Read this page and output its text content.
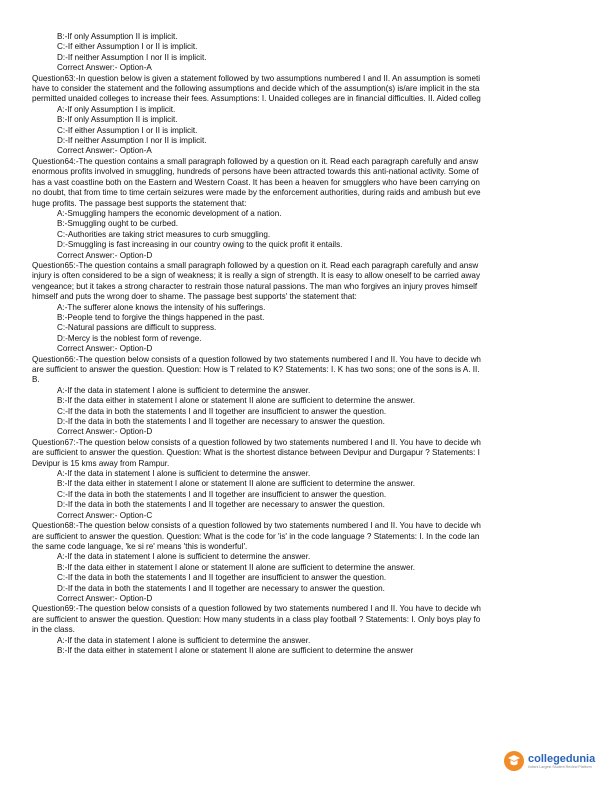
B:-If only Assumption II is implicit.
C:-If either Assumption I or II is implicit.
D:-If neither Assumption I nor II is implicit.
Correct Answer:- Option-A
Question63:-In question below is given a statement followed by two assumptions numbered I and II. An assumption is someti
have to consider the statement and the following assumptions and decide which of the assumption(s) is/are implicit in the sta
permitted unaided colleges to increase their fees. Assumptions: I. Unaided colleges are in financial difficulties. II. Aided colleg
A:-If only Assumption I is implicit.
B:-If only Assumption II is implicit.
C:-If either Assumption I or II is implicit.
D:-If neither Assumption I nor II is implicit.
Correct Answer:- Option-A
Question64:-The question contains a small paragraph followed by a question on it. Read each paragraph carefully and answ
enormous profits involved in smuggling, hundreds of persons have been attracted towards this anti-national activity. Some of
has a vast coastline both on the Eastern and Western Coast. It has been a heaven for smugglers who have been carrying on
no doubt, that from time to time certain seizures were made by the enforcement authorities, during raids and ambush but eve
huge profits. The passage best supports the statement that:
A:-Smuggling hampers the economic development of a nation.
B:-Smuggling ought to be curbed.
C:-Authorities are taking strict measures to curb smuggling.
D:-Smuggling is fast increasing in our country owing to the quick profit it entails.
Correct Answer:- Option-D
Question65:-The question contains a small paragraph followed by a question on it. Read each paragraph carefully and answ
injury is often considered to be a sign of weakness; it is really a sign of strength. It is easy to allow oneself to be carried away
vengeance; but it takes a strong character to restrain those natural passions. The man who forgives an injury proves himself
himself and puts the wrong doer to shame. The passage best supports' the statement that:
A:-The sufferer alone knows the intensity of his sufferings.
B:-People tend to forgive the things happened in the past.
C:-Natural passions are difficult to suppress.
D:-Mercy is the noblest form of revenge.
Correct Answer:- Option-D
Question66:-The question below consists of a question followed by two statements numbered I and II. You have to decide wh
are sufficient to answer the question. Question: How is T related to K? Statements: I. K has two sons; one of the sons is A. II.
B.
A:-If the data in statement I alone is sufficient to determine the answer.
B:-If the data either in statement I alone or statement II alone are sufficient to determine the answer.
C:-If the data in both the statements I and II together are insufficient to answer the question.
D:-If the data in both the statements I and II together are necessary to answer the question.
Correct Answer:- Option-D
Question67:-The question below consists of a question followed by two statements numbered I and II. You have to decide wh
are sufficient to answer the question. Question: What is the shortest distance between Devipur and Durgapur ? Statements: I
Devipur is 15 kms away from Rampur.
A:-If the data in statement I alone is sufficient to determine the answer.
B:-If the data either in statement I alone or statement II alone are sufficient to determine the answer.
C:-If the data in both the statements I and II together are insufficient to answer the question.
D:-If the data in both the statements I and II together are necessary to answer the question.
Correct Answer:- Option-C
Question68:-The question below consists of a question followed by two statements numbered I and II. You have to decide wh
are sufficient to answer the question. Question: What is the code for 'is' in the code language ? Statements: I. In the code lan
the same code language, 'ke si re' means 'this is wonderful'.
A:-If the data in statement I alone is sufficient to determine the answer.
B:-If the data either in statement I alone or statement II alone are sufficient to determine the answer.
C:-If the data in both the statements I and II together are insufficient to answer the question.
D:-If the data in both the statements I and II together are necessary to answer the question.
Correct Answer:- Option-D
Question69:-The question below consists of a question followed by two statements numbered I and II. You have to decide wh
are sufficient to answer the question. Question: How many students in a class play football ? Statements: I. Only boys play fo
in the class.
A:-If the data in statement I alone is sufficient to determine the answer.
B:-If the data either in statement I alone or statement II alone are sufficient to determine the answer
collegedunia
India's Largest Student Review Platform
